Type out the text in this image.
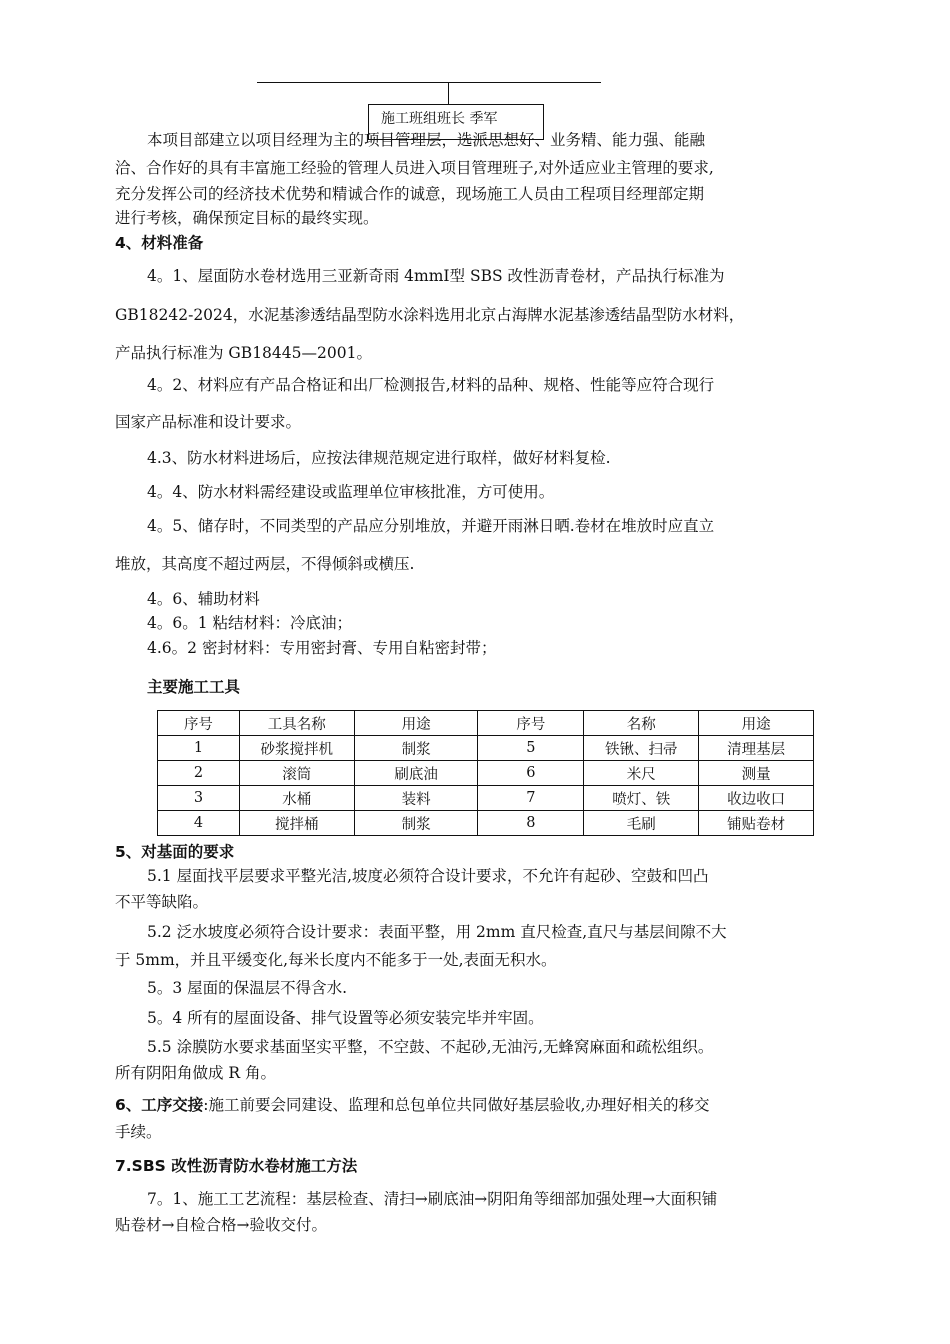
施工班组班长 季军
本项目部建立以项目经理为主的项目管理层，选派思想好、业务精、能力强、能融
洽、合作好的具有丰富施工经验的管理人员进入项目管理班子,对外适应业主管理的要求,
充分发挥公司的经济技术优势和精诚合作的诚意，现场施工人员由工程项目经理部定期
进行考核，确保预定目标的最终实现。
4、材料准备
4。1、屋面防水卷材选用三亚新奇雨 4mmⅠ型 SBS 改性沥青卷材，产品执行标准为
GB18242-2024，水泥基渗透结晶型防水涂料选用北京占海牌水泥基渗透结晶型防水材料，
产品执行标准为 GB18445—2001。
4。2、材料应有产品合格证和出厂检测报告,材料的品种、规格、性能等应符合现行
国家产品标准和设计要求。
4.3、防水材料进场后，应按法律规范规定进行取样，做好材料复检.
4。4、防水材料需经建设或监理单位审核批准，方可使用。
4。5、储存时，不同类型的产品应分别堆放，并避开雨淋日晒.卷材在堆放时应直立
堆放，其高度不超过两层，不得倾斜或横压.
4。6、辅助材料
4。6。1 粘结材料：冷底油；
4.6。2 密封材料：专用密封膏、专用自粘密封带；
主要施工工具
序号	工具名称	用途	序号	名称	用途
1	砂浆搅拌机	制浆	5	铁锹、扫帚	清理基层
2	滚筒	刷底油	6	米尺	测量
3	水桶	装料	7	喷灯、铁	收边收口
4	搅拌桶	制浆	8	毛刷	铺贴卷材
5、对基面的要求
5.1 屋面找平层要求平整光洁,坡度必须符合设计要求，不允许有起砂、空鼓和凹凸
不平等缺陷。
5.2 泛水坡度必须符合设计要求：表面平整，用 2mm 直尺检查,直尺与基层间隙不大
于 5mm，并且平缓变化,每米长度内不能多于一处,表面无积水。
5。3 屋面的保温层不得含水.
5。4 所有的屋面设备、排气设置等必须安装完毕并牢固。
5.5 涂膜防水要求基面坚实平整，不空鼓、不起砂,无油污,无蜂窝麻面和疏松组织。
所有阴阳角做成 R 角。
6、工序交接:施工前要会同建设、监理和总包单位共同做好基层验收,办理好相关的移交
手续。
7.SBS 改性沥青防水卷材施工方法
7。1、施工工艺流程：基层检查、清扫→刷底油→阴阳角等细部加强处理→大面积铺
贴卷材→自检合格→验收交付。
